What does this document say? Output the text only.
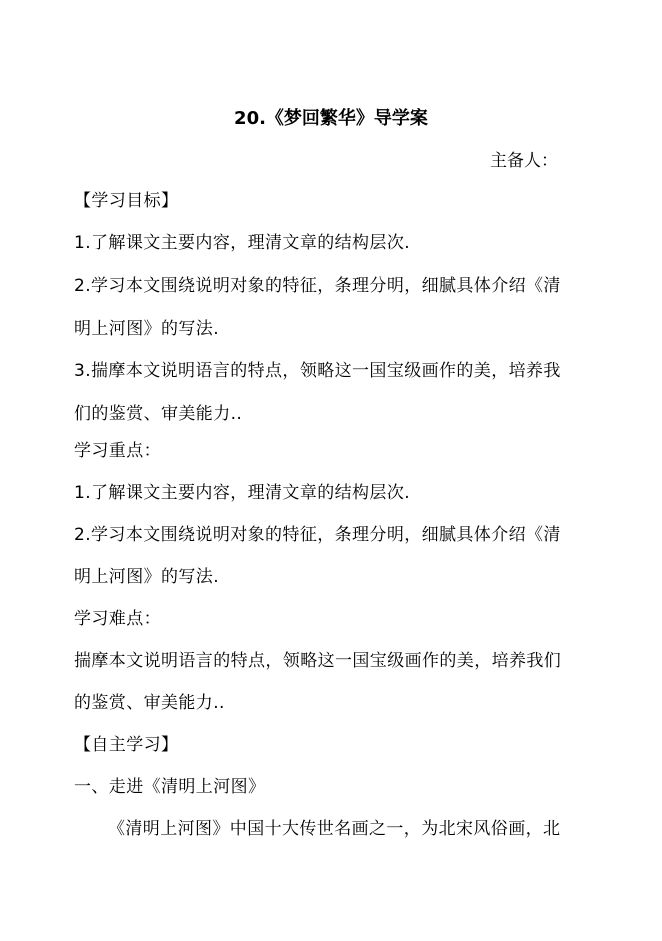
20.《梦回繁华》导学案
主备人：
【学习目标】
1.了解课文主要内容，理清文章的结构层次.
2.学习本文围绕说明对象的特征，条理分明，细腻具体介绍《清
明上河图》的写法.
3.揣摩本文说明语言的特点，领略这一国宝级画作的美，培养我
们的鉴赏、审美能力..
学习重点：
1.了解课文主要内容，理清文章的结构层次.
2.学习本文围绕说明对象的特征，条理分明，细腻具体介绍《清
明上河图》的写法.
学习难点：
揣摩本文说明语言的特点，领略这一国宝级画作的美，培养我们
的鉴赏、审美能力..
【自主学习】
一、走进《清明上河图》
《清明上河图》中国十大传世名画之一，为北宋风俗画，北
